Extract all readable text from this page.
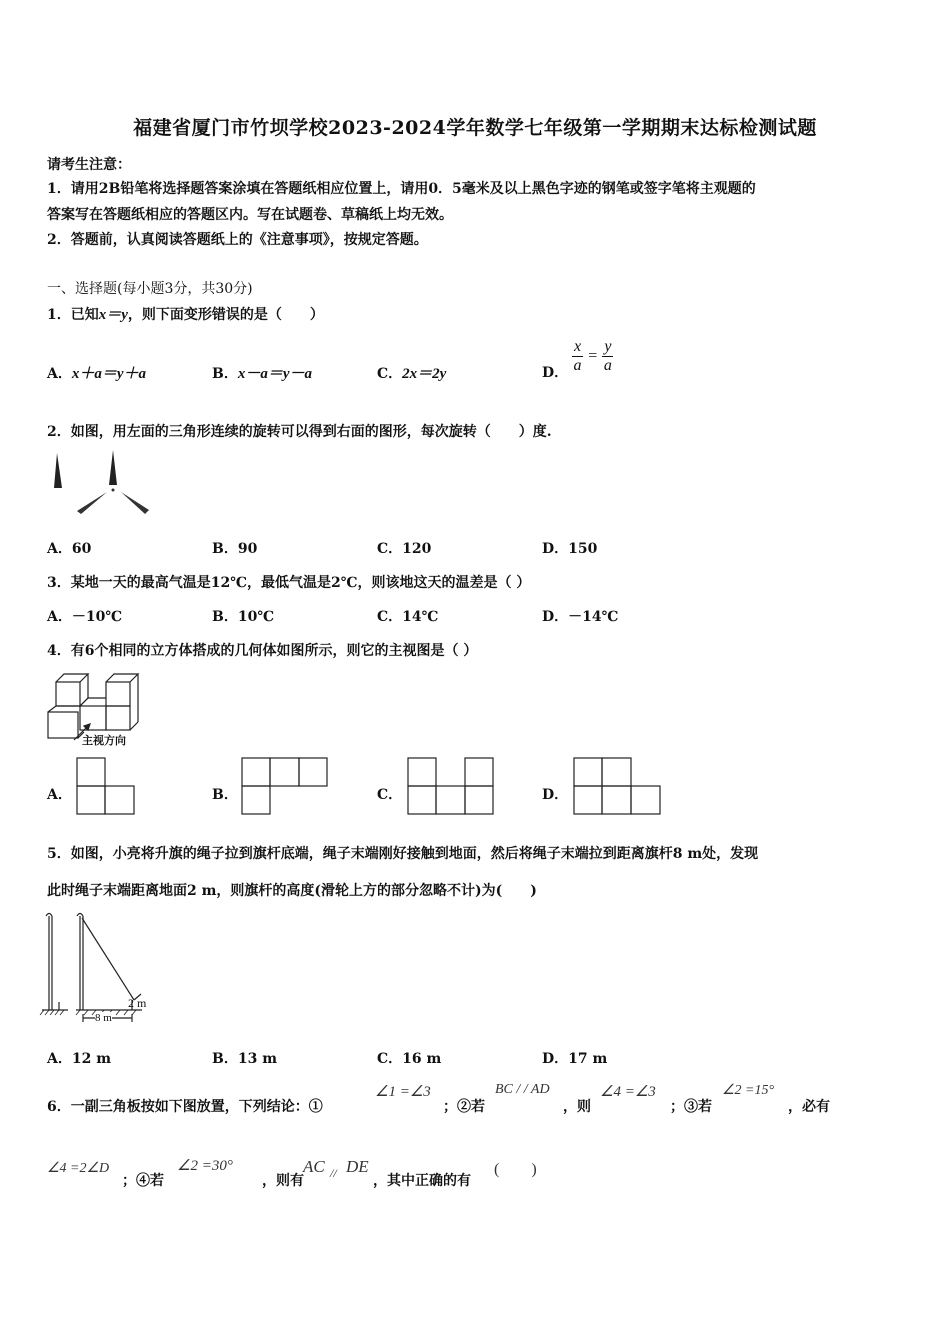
福建省厦门市竹坝学校2023-2024学年数学七年级第一学期期末达标检测试题
请考生注意：
1．请用2B铅笔将选择题答案涂填在答题纸相应位置上，请用0．5毫米及以上黑色字迹的钢笔或签字笔将主观题的
答案写在答题纸相应的答题区内。写在试题卷、草稿纸上均无效。
2．答题前，认真阅读答题纸上的《注意事项》，按规定答题。
一、选择题(每小题3分，共30分)
1．已知x＝y，则下面变形错误的是（　　）
A．x＋a＝y＋a	B．x－a＝y－a	C．2x＝2y	D． $\frac{x}{a} = \frac{y}{a}$
2．如图，用左面的三角形连续的旋转可以得到右面的图形，每次旋转（　　）度.
A．60	B．90	C．120	D．150
3．某地一天的最高气温是12℃，最低气温是2℃，则该地这天的温差是（ ）
A．－10℃	B．10℃	C．14℃	D．－14℃
4．有6个相同的立方体搭成的几何体如图所示，则它的主视图是（ ）
主视方向
A．	B．	C．	D．
5．如图，小亮将升旗的绳子拉到旗杆底端，绳子末端刚好接触到地面，然后将绳子末端拉到距离旗杆8 m处，发现
此时绳子末端距离地面2 m，则旗杆的高度(滑轮上方的部分忽略不计)为(　　)
2 m
8 m
A．12 m	B．13 m	C．16 m	D．17 m
6．一副三角板按如下图放置，下列结论：①
∠1 =∠3
；②若
BC / / AD
，则
∠4 =∠3
；③若
∠2 =15°
，必有
∠4 =2∠D
；④若
∠2 =30°
，则有
AC // DE
，其中正确的有
(　　)
